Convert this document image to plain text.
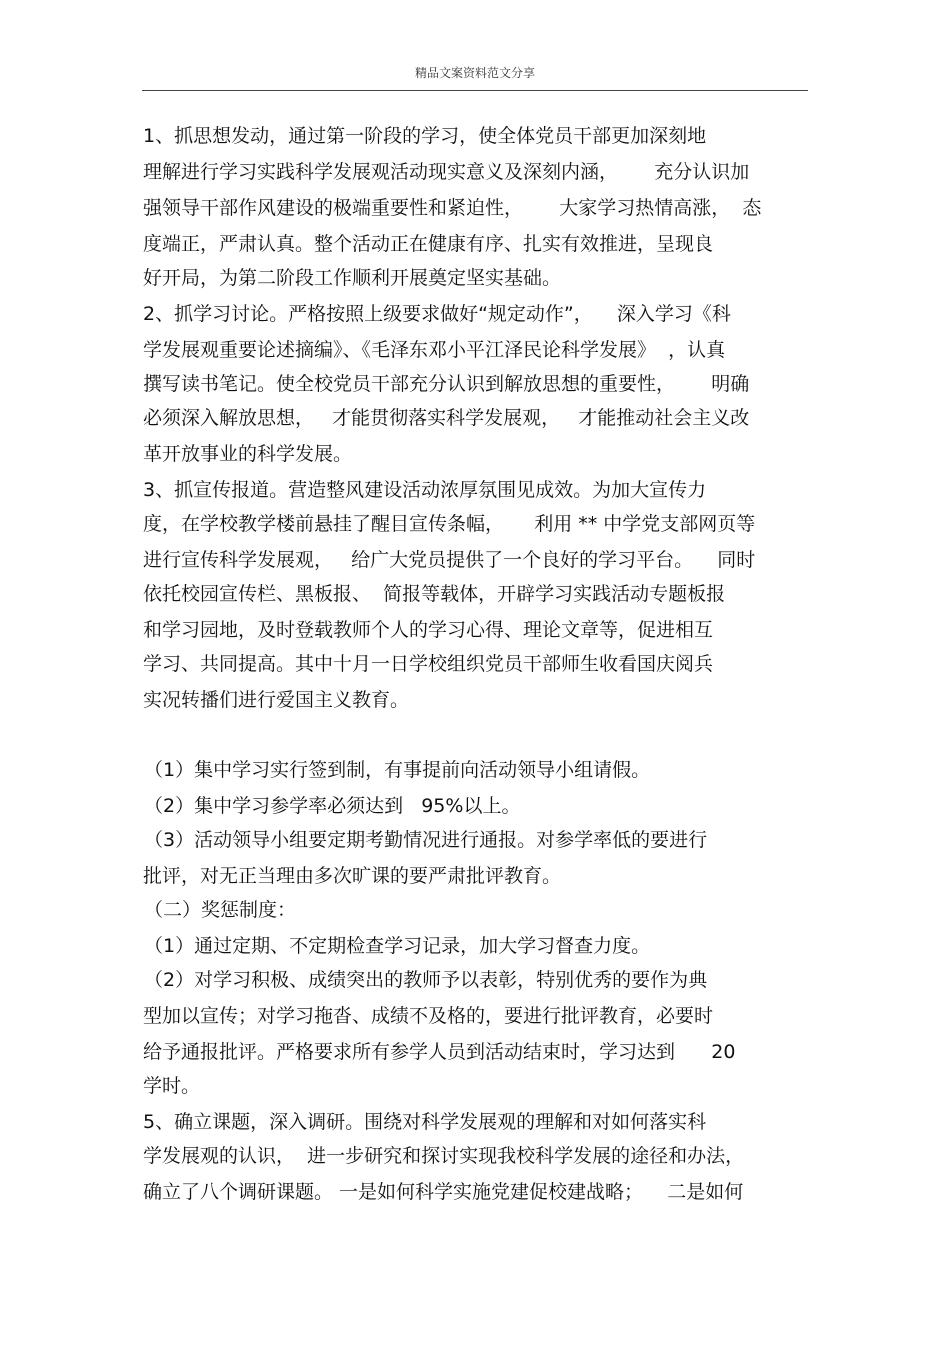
精品文案资料范文分享
1、抓思想发动，通过第一阶段的学习，使全体党员干部更加深刻地
理解进行学习实践科学发展观活动现实意义及深刻内涵，      充分认识加
强领导干部作风建设的极端重要性和紧迫性，      大家学习热情高涨，  态
度端正，严肃认真。整个活动正在健康有序、扎实有效推进，呈现良
好开局，为第二阶段工作顺利开展奠定坚实基础。
2、抓学习讨论。严格按照上级要求做好“规定动作”，    深入学习《科
学发展观重要论述摘编》、《毛泽东邓小平江泽民论科学发展》  ，认真
撰写读书笔记。使全校党员干部充分认识到解放思想的重要性，      明确
必须深入解放思想，   才能贯彻落实科学发展观，   才能推动社会主义改
革开放事业的科学发展。
3、抓宣传报道。营造整风建设活动浓厚氛围见成效。为加大宣传力
度，在学校教学楼前悬挂了醒目宣传条幅，     利用 ** 中学党支部网页等
进行宣传科学发展观，   给广大党员提供了一个良好的学习平台。    同时
依托校园宣传栏、黑板报、  简报等载体，开辟学习实践活动专题板报
和学习园地，及时登载教师个人的学习心得、理论文章等，促进相互
学习、共同提高。其中十月一日学校组织党员干部师生收看国庆阅兵
实况转播们进行爱国主义教育。
（1）集中学习实行签到制，有事提前向活动领导小组请假。
（2）集中学习参学率必须达到   95%以上。
（3）活动领导小组要定期考勤情况进行通报。对参学率低的要进行
批评，对无正当理由多次旷课的要严肃批评教育。
（二）奖惩制度：
（1）通过定期、不定期检查学习记录，加大学习督查力度。
（2）对学习积极、成绩突出的教师予以表彰，特别优秀的要作为典
型加以宣传；对学习拖沓、成绩不及格的，要进行批评教育，必要时
给予通报批评。严格要求所有参学人员到活动结束时，学习达到      20
学时。
5、确立课题，深入调研。围绕对科学发展观的理解和对如何落实科
学发展观的认识，  进一步研究和探讨实现我校科学发展的途径和办法，
确立了八个调研课题。 一是如何科学实施党建促校建战略；    二是如何
